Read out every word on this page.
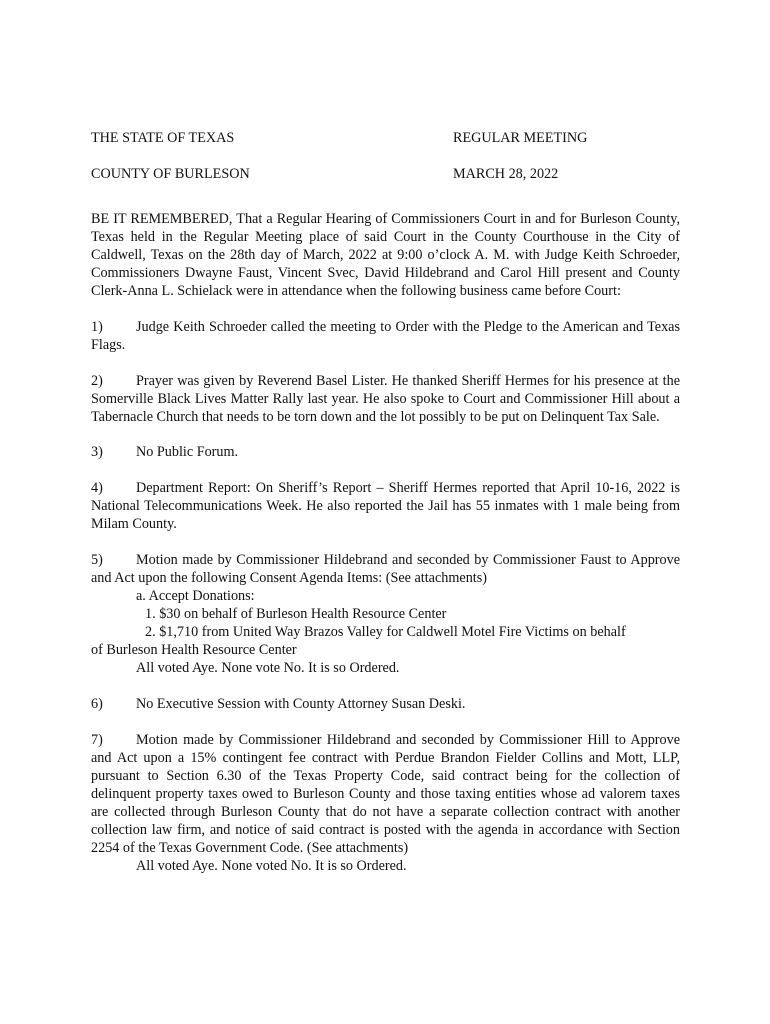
THE STATE OF TEXAS	REGULAR MEETING
COUNTY OF BURLESON	MARCH 28, 2022

BE IT REMEMBERED, That a Regular Hearing of Commissioners Court in and for Burleson County, Texas held in the Regular Meeting place of said Court in the County Courthouse in the City of Caldwell, Texas on the 28th day of March, 2022 at 9:00 o’clock A. M. with Judge Keith Schroeder, Commissioners Dwayne Faust, Vincent Svec, David Hildebrand and Carol Hill present and County Clerk-Anna L. Schielack were in attendance when the following business came before Court:

1) Judge Keith Schroeder called the meeting to Order with the Pledge to the American and Texas Flags.

2) Prayer was given by Reverend Basel Lister. He thanked Sheriff Hermes for his presence at the Somerville Black Lives Matter Rally last year. He also spoke to Court and Commissioner Hill about a Tabernacle Church that needs to be torn down and the lot possibly to be put on Delinquent Tax Sale.

3) No Public Forum.

4) Department Report: On Sheriff’s Report – Sheriff Hermes reported that April 10-16, 2022 is National Telecommunications Week. He also reported the Jail has 55 inmates with 1 male being from Milam County.

5) Motion made by Commissioner Hildebrand and seconded by Commissioner Faust to Approve and Act upon the following Consent Agenda Items: (See attachments)

a. Accept Donations:

1. $30 on behalf of Burleson Health Resource Center

2. $1,710 from United Way Brazos Valley for Caldwell Motel Fire Victims on behalf

of Burleson Health Resource Center

All voted Aye. None vote No. It is so Ordered.

6) No Executive Session with County Attorney Susan Deski.

7) Motion made by Commissioner Hildebrand and seconded by Commissioner Hill to Approve and Act upon a 15% contingent fee contract with Perdue Brandon Fielder Collins and Mott, LLP, pursuant to Section 6.30 of the Texas Property Code, said contract being for the collection of delinquent property taxes owed to Burleson County and those taxing entities whose ad valorem taxes are collected through Burleson County that do not have a separate collection contract with another collection law firm, and notice of said contract is posted with the agenda in accordance with Section 2254 of the Texas Government Code. (See attachments)

All voted Aye. None voted No. It is so Ordered.
